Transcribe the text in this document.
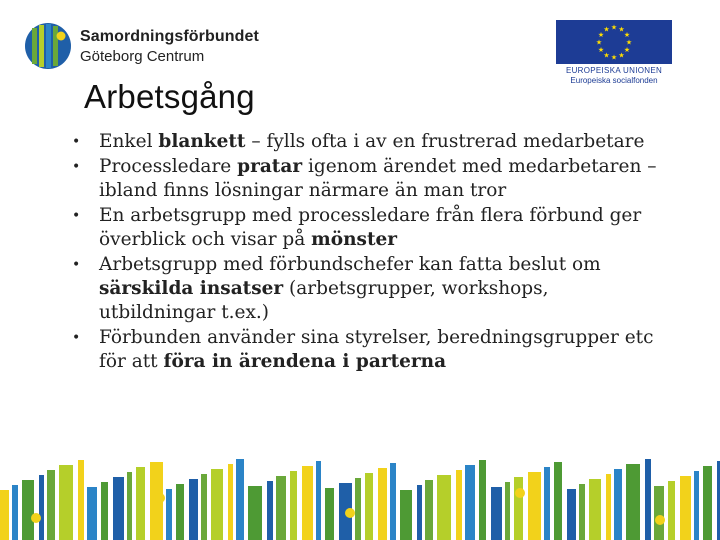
Samordningsförbundet
Göteborg Centrum
★
★
★
★
★
★
★
★
★ ★ ★
★
EUROPEISKA UNIONEN
Europeiska socialfonden
Arbetsgång
• Enkel blankett – fylls ofta i av en frustrerad medarbetare
• Processledare pratar igenom ärendet med medarbetaren –ibland finns lösningar närmare än man tror
• En arbetsgrupp med processledare från flera förbund ger överblick och visar på mönster
• Arbetsgrupp med förbundschefer kan fatta beslut om särskilda insatser (arbetsgrupper, workshops, utbildningar t.ex.)
• Förbunden använder sina styrelser, beredningsgrupper etc för att föra in ärendena i parterna
